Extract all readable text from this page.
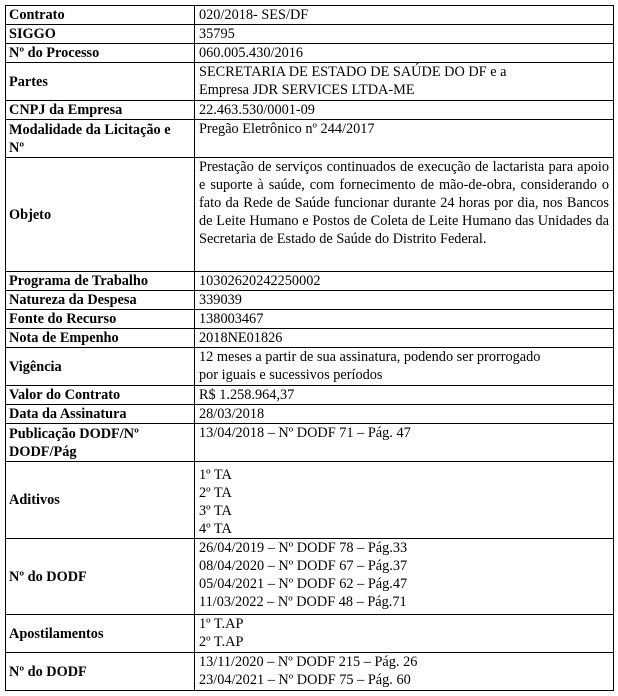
Contrato	020/2018- SES/DF
SIGGO	35795
Nº do Processo	060.005.430/2016
Partes	SECRETARIA DE ESTADO DE SAÚDE DO DF e a
Empresa JDR SERVICES LTDA-ME

CNPJ da Empresa	22.463.530/0001-09

Modalidade da Licitação e
Nº	Pregão Eletrônico nº 244/2017
Objeto	Prestação de serviços continuados de execução de lactarista para apoio e suporte à saúde, com fornecimento de mão-de-obra, considerando o fato da Rede de Saúde funcionar durante 24 horas por dia, nos Bancos de Leite Humano e Postos de Coleta de Leite Humano das Unidades da Secretaria de Estado de Saúde do Distrito Federal.
Programa de Trabalho	10302620242250002
Natureza da Despesa	339039
Fonte do Recurso	138003467
Nota de Empenho	2018NE01826
Vigência	12 meses a partir de sua assinatura, podendo ser prorrogado
por iguais e sucessivos períodos

Valor do Contrato	R$ 1.258.964,37
Data da Assinatura	28/03/2018

Publicação DODF/Nº
DODF/Pág	13/04/2018 – Nº DODF 71 – Pág. 47
Aditivos	1º TA
2º TA
3º TA
4º TA

Nº do DODF	26/04/2019 – Nº DODF 78 – Pág.33
08/04/2020 – Nº DODF 67 – Pág.37
05/04/2021 – Nº DODF 62 – Pág.47
11/03/2022 – Nº DODF 48 – Pág.71

Apostilamentos	1º T.AP
2º T.AP

Nº do DODF	13/11/2020 – Nº DODF 215 – Pág. 26
23/04/2021 – Nº DODF 75 – Pág. 60
